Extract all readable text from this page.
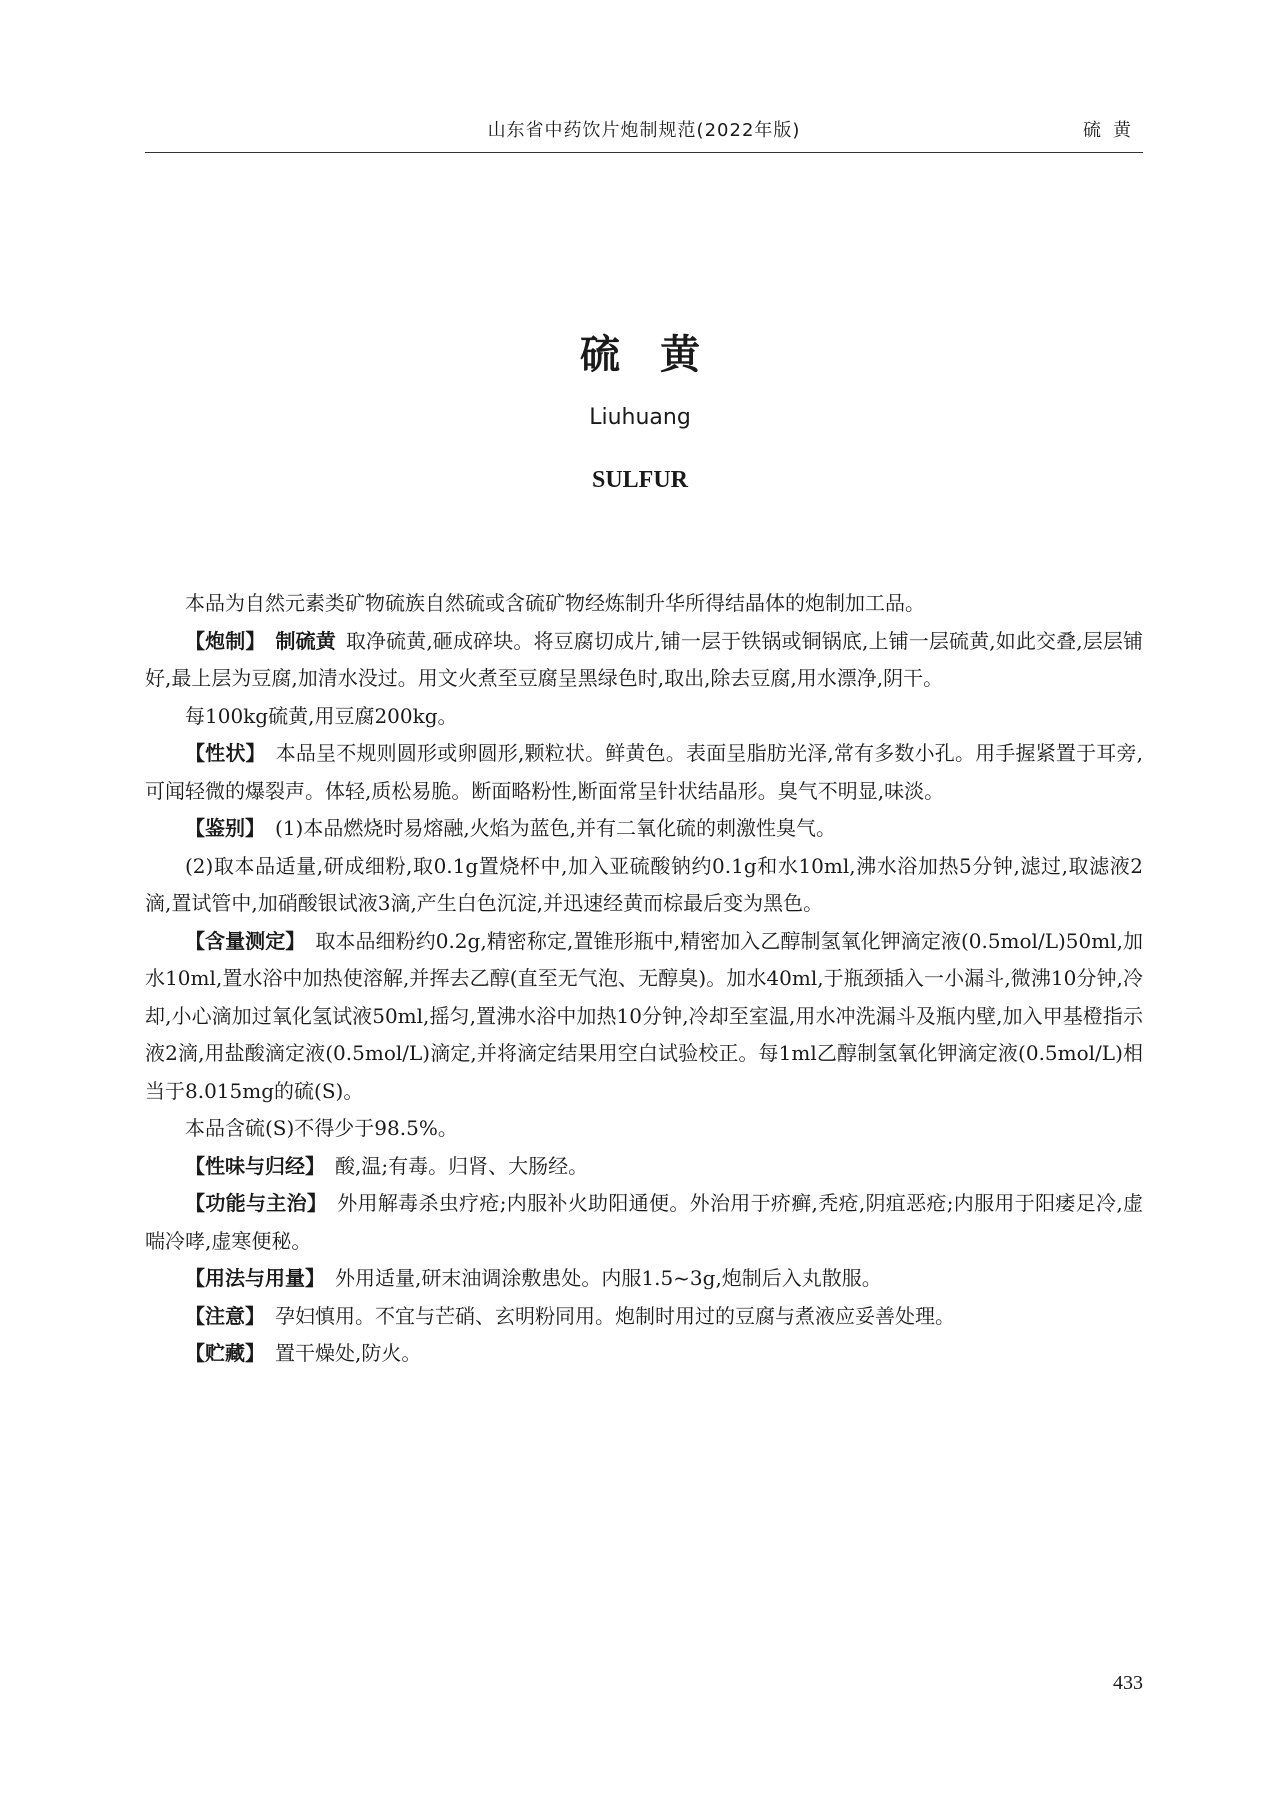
山东省中药饮片炮制规范(2022年版)	硫黄
硫黄
Liuhuang
SULFUR

本品为自然元素类矿物硫族自然硫或含硫矿物经炼制升华所得结晶体的炮制加工品。

【炮制】 制硫黄 取净硫黄,砸成碎块。将豆腐切成片,铺一层于铁锅或铜锅底,上铺一层硫黄,如此交叠,层层铺好,最上层为豆腐,加清水没过。用文火煮至豆腐呈黑绿色时,取出,除去豆腐,用水漂净,阴干。

每100kg硫黄,用豆腐200kg。

【性状】 本品呈不规则圆形或卵圆形,颗粒状。鲜黄色。表面呈脂肪光泽,常有多数小孔。用手握紧置于耳旁,可闻轻微的爆裂声。体轻,质松易脆。断面略粉性,断面常呈针状结晶形。臭气不明显,味淡。

【鉴别】 (1)本品燃烧时易熔融,火焰为蓝色,并有二氧化硫的刺激性臭气。

(2)取本品适量,研成细粉,取0.1g置烧杯中,加入亚硫酸钠约0.1g和水10ml,沸水浴加热5分钟,滤过,取滤液2滴,置试管中,加硝酸银试液3滴,产生白色沉淀,并迅速经黄而棕最后变为黑色。

【含量测定】 取本品细粉约0.2g,精密称定,置锥形瓶中,精密加入乙醇制氢氧化钾滴定液(0.5mol/L)50ml,加水10ml,置水浴中加热使溶解,并挥去乙醇(直至无气泡、无醇臭)。加水40ml,于瓶颈插入一小漏斗,微沸10分钟,冷却,小心滴加过氧化氢试液50ml,摇匀,置沸水浴中加热10分钟,冷却至室温,用水冲洗漏斗及瓶内壁,加入甲基橙指示液2滴,用盐酸滴定液(0.5mol/L)滴定,并将滴定结果用空白试验校正。每1ml乙醇制氢氧化钾滴定液(0.5mol/L)相当于8.015mg的硫(S)。

本品含硫(S)不得少于98.5%。

【性味与归经】 酸,温;有毒。归肾、大肠经。

【功能与主治】 外用解毒杀虫疗疮;内服补火助阳通便。外治用于疥癣,秃疮,阴疽恶疮;内服用于阳痿足冷,虚喘冷哮,虚寒便秘。

【用法与用量】 外用适量,研末油调涂敷患处。内服1.5~3g,炮制后入丸散服。

【注意】 孕妇慎用。不宜与芒硝、玄明粉同用。炮制时用过的豆腐与煮液应妥善处理。

【贮藏】 置干燥处,防火。

433
